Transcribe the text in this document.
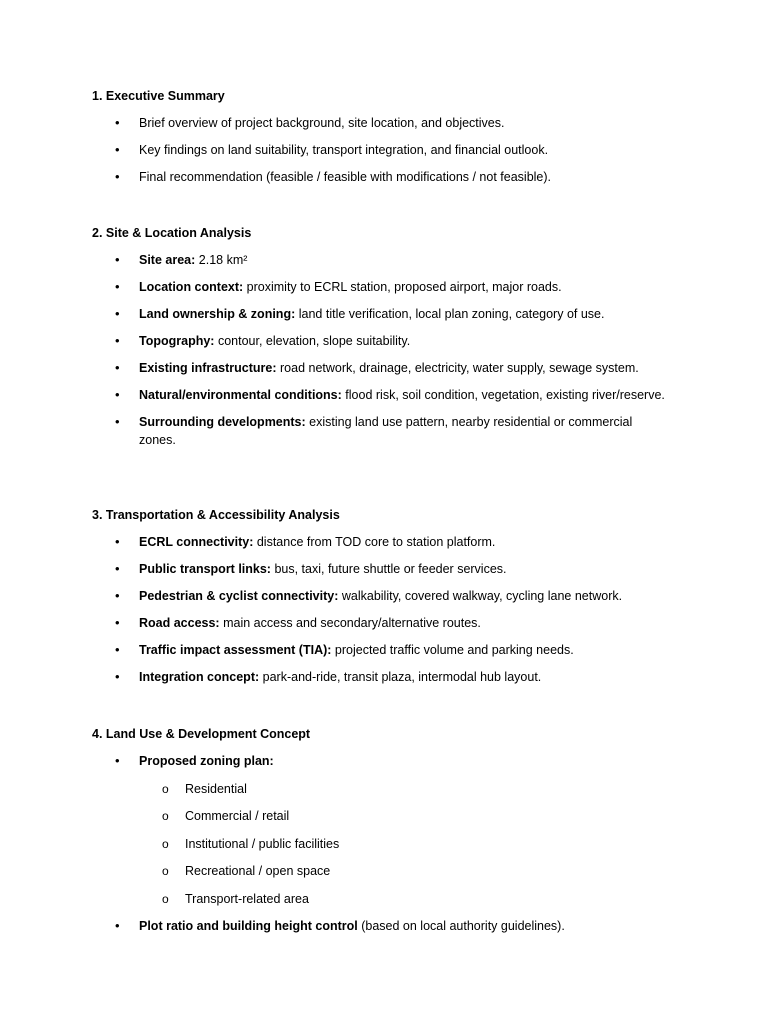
1. Executive Summary

• Brief overview of project background, site location, and objectives.
• Key findings on land suitability, transport integration, and financial outlook.
• Final recommendation (feasible / feasible with modifications / not feasible).

2. Site & Location Analysis

• Site area: 2.18 km²
• Location context: proximity to ECRL station, proposed airport, major roads.
• Land ownership & zoning: land title verification, local plan zoning, category of use.
• Topography: contour, elevation, slope suitability.
• Existing infrastructure: road network, drainage, electricity, water supply, sewage system.
• Natural/environmental conditions: flood risk, soil condition, vegetation, existing river/reserve.
• Surrounding developments: existing land use pattern, nearby residential or commercial zones.

3. Transportation & Accessibility Analysis

• ECRL connectivity: distance from TOD core to station platform.
• Public transport links: bus, taxi, future shuttle or feeder services.
• Pedestrian & cyclist connectivity: walkability, covered walkway, cycling lane network.
• Road access: main access and secondary/alternative routes.
• Traffic impact assessment (TIA): projected traffic volume and parking needs.
• Integration concept: park-and-ride, transit plaza, intermodal hub layout.

4. Land Use & Development Concept

• Proposed zoning plan:
o Residential
o Commercial / retail
o Institutional / public facilities
o Recreational / open space
o Transport-related area
• Plot ratio and building height control (based on local authority guidelines).
